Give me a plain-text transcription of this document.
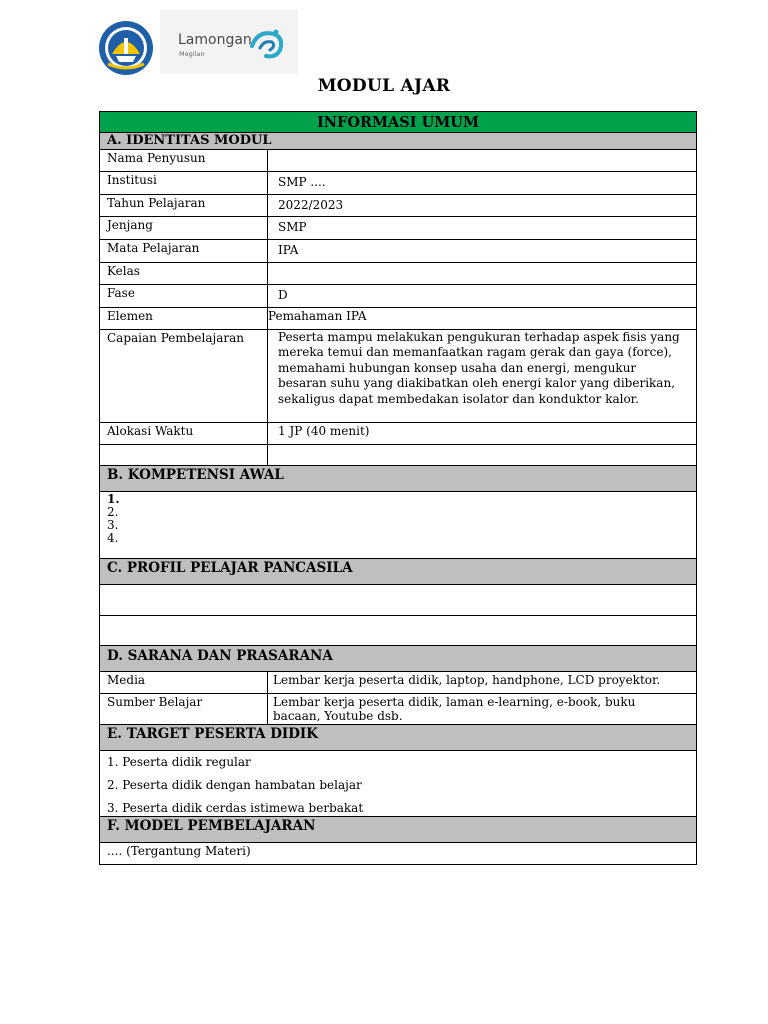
Lamongan
Megilan
MODUL AJAR
INFORMASI UMUM
A. IDENTITAS MODUL
Nama Penyusun
Institusi	SMP ....
Tahun Pelajaran	2022/2023
Jenjang	SMP
Mata Pelajaran	IPA
Kelas
Fase	D
Elemen	Pemahaman IPA
Capaian Pembelajaran	Peserta mampu melakukan pengukuran terhadap aspek fisis yang mereka temui dan memanfaatkan ragam gerak dan gaya (force), memahami hubungan konsep usaha dan energi, mengukur besaran suhu yang diakibatkan oleh energi kalor yang diberikan, sekaligus dapat membedakan isolator dan konduktor kalor.
Alokasi Waktu	1 JP (40 menit)
B. KOMPETENSI AWAL
1.
2.
3.
4.
C. PROFIL PELAJAR PANCASILA
D. SARANA DAN PRASARANA
Media	Lembar kerja peserta didik, laptop, handphone, LCD proyektor.
Sumber Belajar	Lembar kerja peserta didik, laman e-learning, e-book, buku bacaan, Youtube dsb.
E. TARGET PESERTA DIDIK
1. Peserta didik regular
2. Peserta didik dengan hambatan belajar
3. Peserta didik cerdas istimewa berbakat
F. MODEL PEMBELAJARAN
.... (Tergantung Materi)
